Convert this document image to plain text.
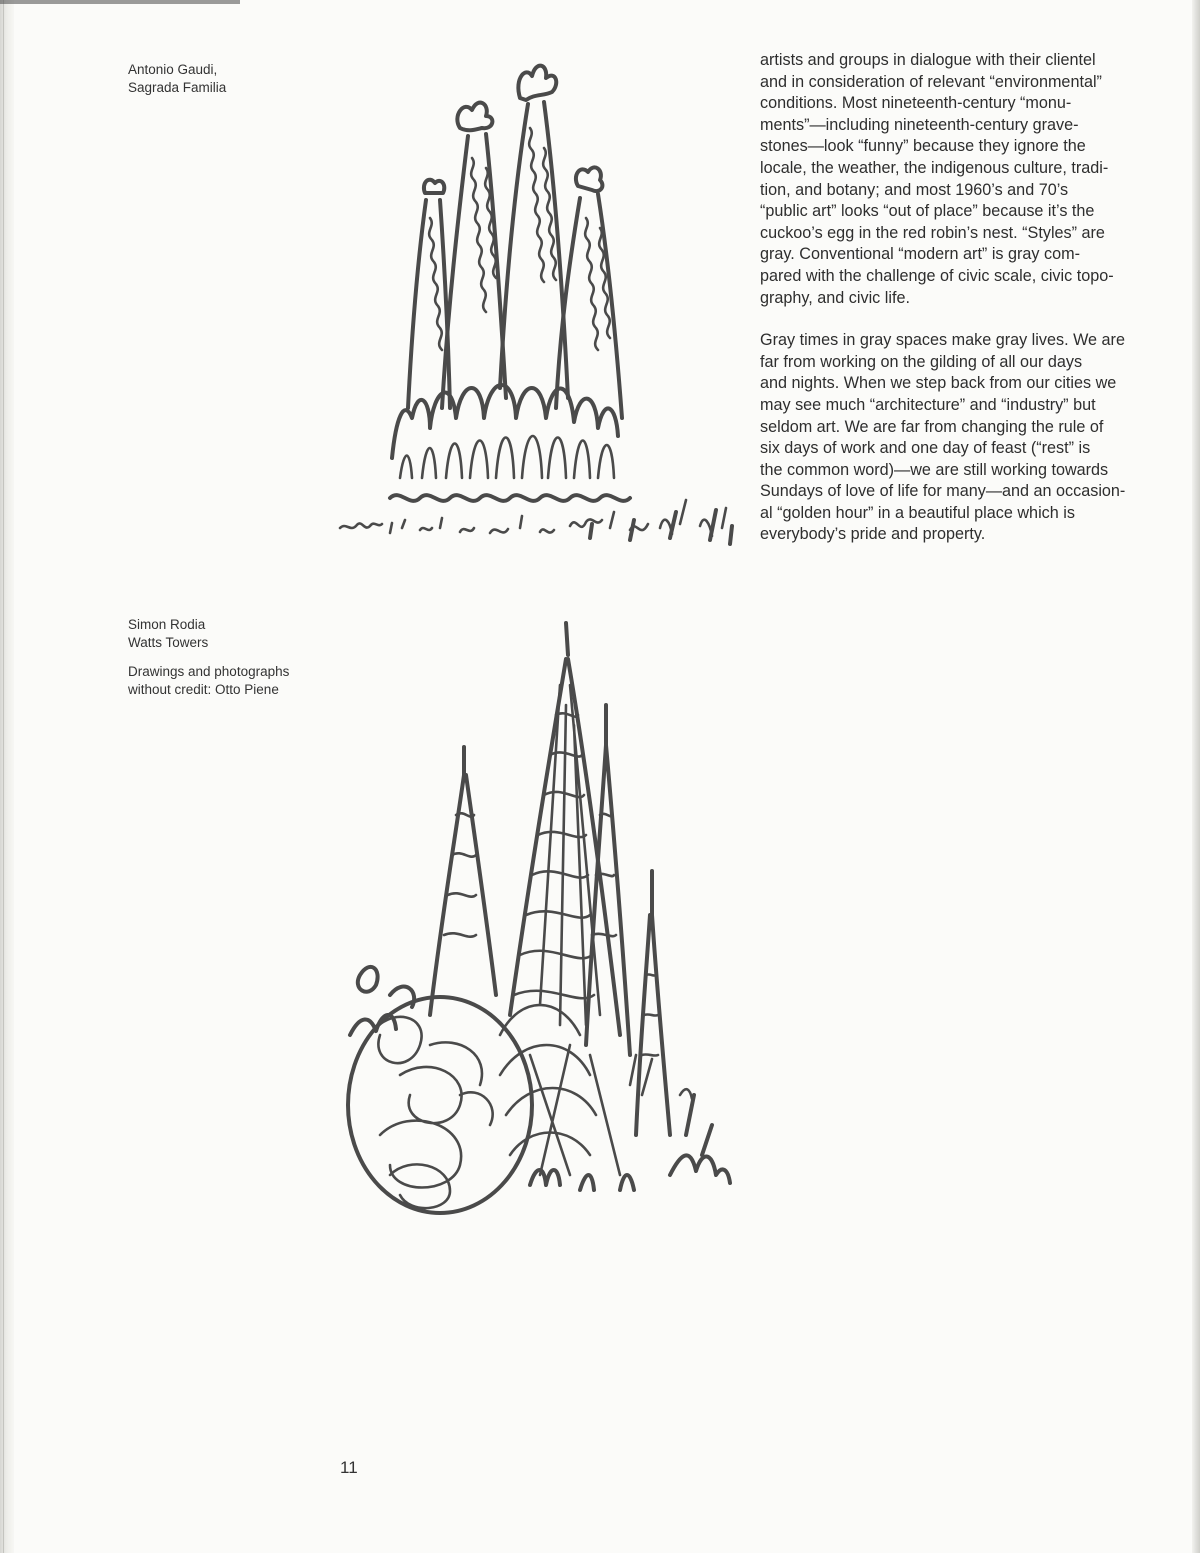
Antonio Gaudi,
Sagrada Familia

Simon Rodia
Watts Towers

Drawings and photographs
without credit: Otto Piene

artists and groups in dialogue with their clientel
and in consideration of relevant “environmental”
conditions. Most nineteenth-century “monu-
ments”—including nineteenth-century grave-
stones—look “funny” because they ignore the
locale, the weather, the indigenous culture, tradi-
tion, and botany; and most 1960’s and 70’s
“public art” looks “out of place” because it’s the
cuckoo’s egg in the red robin’s nest. “Styles” are
gray. Conventional “modern art” is gray com-
pared with the challenge of civic scale, civic topo-
graphy, and civic life.

Gray times in gray spaces make gray lives. We are
far from working on the gilding of all our days
and nights. When we step back from our cities we
may see much “architecture” and “industry” but
seldom art. We are far from changing the rule of
six days of work and one day of feast (“rest” is
the common word)—we are still working towards
Sundays of love of life for many—and an occasion-
al “golden hour” in a beautiful place which is
everybody’s pride and property.

11
